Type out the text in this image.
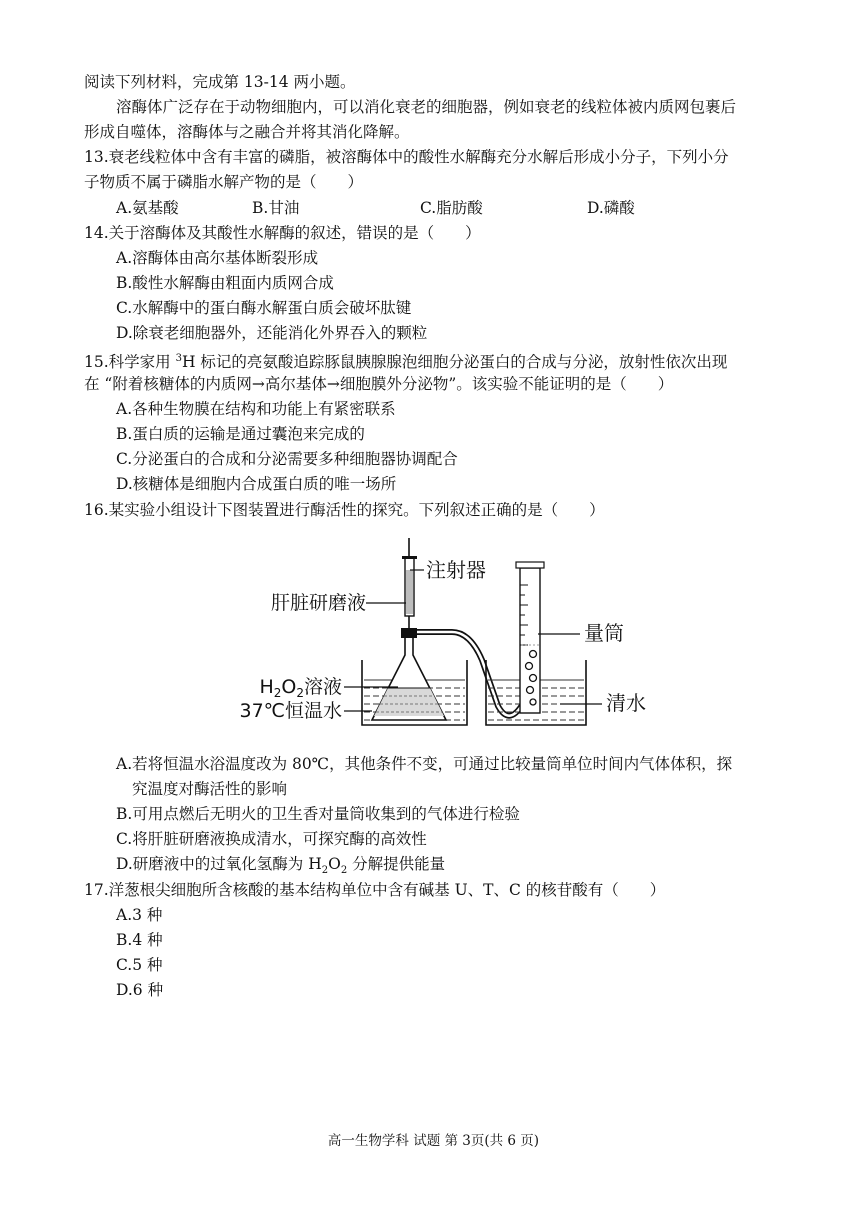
阅读下列材料，完成第 13-14 两小题。
溶酶体广泛存在于动物细胞内，可以消化衰老的细胞器，例如衰老的线粒体被内质网包裹后
形成自噬体，溶酶体与之融合并将其消化降解。
13.衰老线粒体中含有丰富的磷脂，被溶酶体中的酸性水解酶充分水解后形成小分子，下列小分
子物质不属于磷脂水解产物的是（　　）
A.氨基酸	B.甘油	C.脂肪酸	D.磷酸
14.关于溶酶体及其酸性水解酶的叙述，错误的是（　　）
A.溶酶体由高尔基体断裂形成
B.酸性水解酶由粗面内质网合成
C.水解酶中的蛋白酶水解蛋白质会破坏肽键
D.除衰老细胞器外，还能消化外界吞入的颗粒
15.科学家用 $^3$H 标记的亮氨酸追踪豚鼠胰腺腺泡细胞分泌蛋白的合成与分泌，放射性依次出现
在 “附着核糖体的内质网→高尔基体→细胞膜外分泌物”。该实验不能证明的是（　　）
A.各种生物膜在结构和功能上有紧密联系
B.蛋白质的运输是通过囊泡来完成的
C.分泌蛋白的合成和分泌需要多种细胞器协调配合
D.核糖体是细胞内合成蛋白质的唯一场所
16.某实验小组设计下图装置进行酶活性的探究。下列叙述正确的是（　　）
注射器
肝脏研磨液
量筒
$H_2O_2$溶液
37℃恒温水	清水
A.若将恒温水浴温度改为 80℃，其他条件不变，可通过比较量筒单位时间内气体体积，探
究温度对酶活性的影响
B.可用点燃后无明火的卫生香对量筒收集到的气体进行检验
C.将肝脏研磨液换成清水，可探究酶的高效性
D.研磨液中的过氧化氢酶为 $H_2O_2$ 分解提供能量
17.洋葱根尖细胞所含核酸的基本结构单位中含有碱基 U、T、C 的核苷酸有（　　）
A.3 种
B.4 种
C.5 种
D.6 种
高一生物学科 试题 第 3页(共 6 页)
